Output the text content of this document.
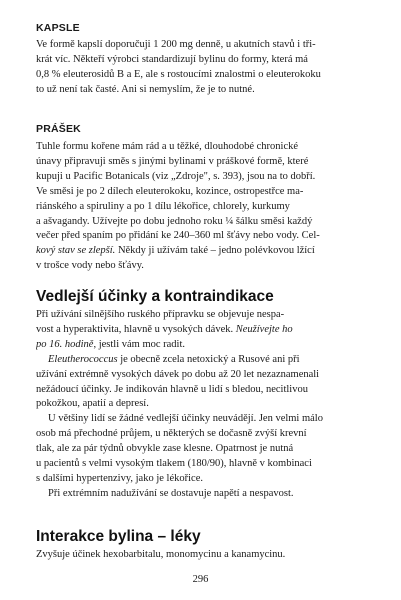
KAPSLE

Ve formě kapslí doporučuji 1 200 mg denně, u akutních stavů i tři-

krát víc. Někteří výrobci standardizují bylinu do formy, která má

0,8 % eleuterosidů B a E, ale s rostoucími znalostmi o eleuterokoku

to už není tak časté. Ani si nemyslím, že je to nutné.

PRÁŠEK

Tuhle formu kořene mám rád a u těžké, dlouhodobé chronické

únavy připravuji směs s jinými bylinami v práškové formě, které

kupuji u Pacific Botanicals (viz „Zdroje", s. 393), jsou na to dobří.

Ve směsi je po 2 dílech eleuterokoku, kozince, ostropestřce ma-

riánského a spiruliny a po 1 dílu lékořice, chlorely, kurkumy

a ašvagandy. Užívejte po dobu jednoho roku ¼ šálku směsi každý

večer před spaním po přidání ke 240–360 ml šťávy nebo vody. Cel-

kový stav se zlepší. Někdy ji užívám také – jedno polévkovou lžící

v trošce vody nebo šťávy.

Vedlejší účinky a kontraindikace

Při užívání silnějšího ruského přípravku se objevuje nespa-

vost a hyperaktivita, hlavně u vysokých dávek. Neužívejte ho

po 16. hodině, jestli vám moc radit.

Eleutherococcus je obecně zcela netoxický a Rusové ani při

užívání extrémně vysokých dávek po dobu až 20 let nezaznamenali

nežádoucí účinky. Je indikován hlavně u lidí s bledou, necitlivou

pokožkou, apatií a depresí.

U většiny lidí se žádné vedlejší účinky neuvádějí. Jen velmi málo

osob má přechodné průjem, u některých se dočasně zvýší krevní

tlak, ale za pár týdnů obvykle zase klesne. Opatrnost je nutná

u pacientů s velmi vysokým tlakem (180/90), hlavně v kombinaci

s dalšími hypertenzivy, jako je lékořice.

Při extrémním nadužívání se dostavuje napětí a nespavost.

Interakce bylina – léky

Zvyšuje účinek hexobarbitalu, monomycinu a kanamycinu.

296
